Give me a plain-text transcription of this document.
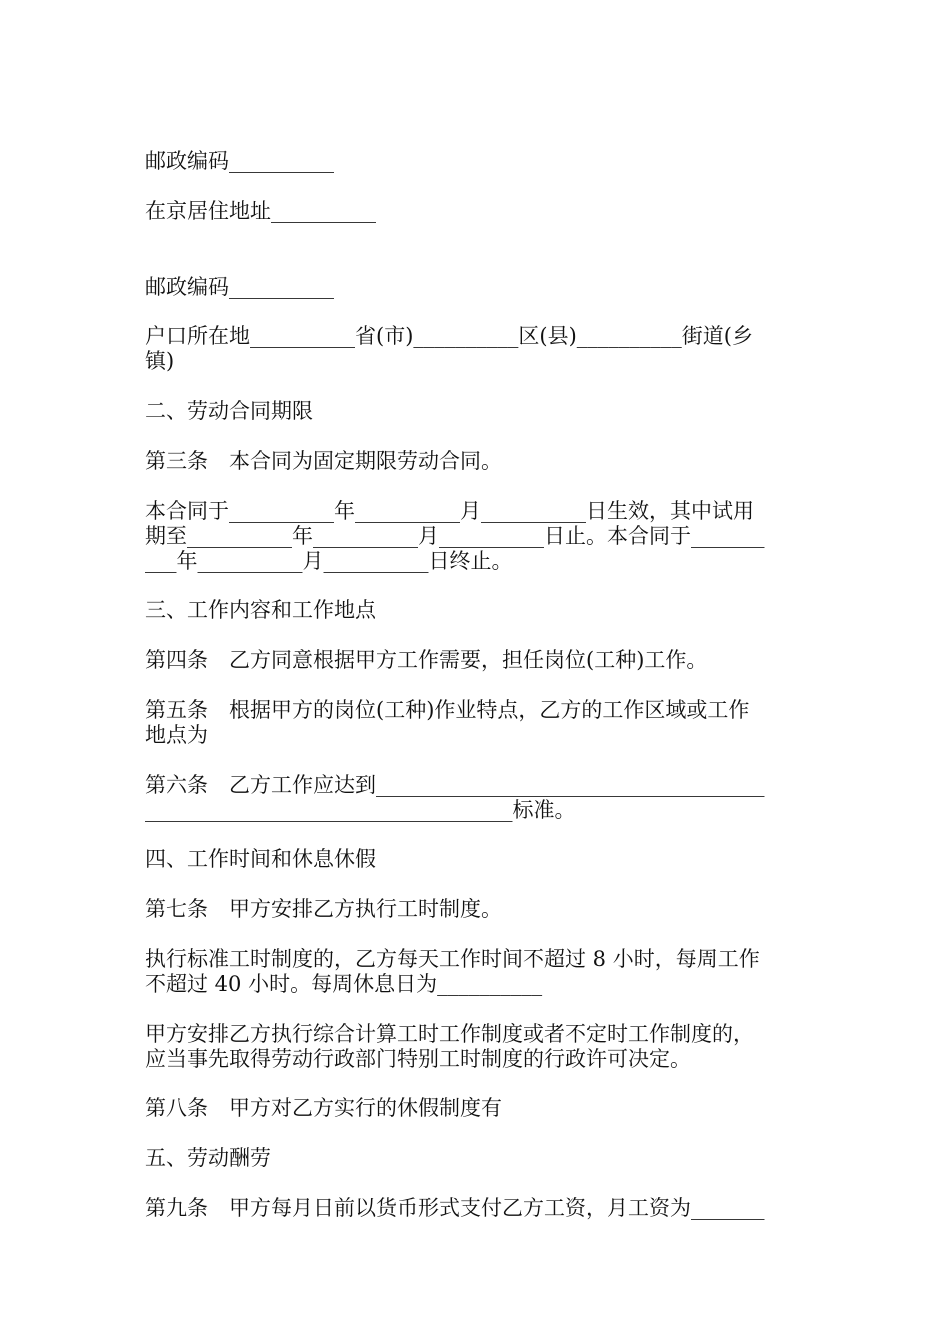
邮政编码__________
在京居住地址__________
邮政编码__________
户口所在地__________省(市)__________区(县)__________街道(乡
镇)
二、劳动合同期限
第三条　本合同为固定期限劳动合同。
本合同于__________年__________月__________日生效，其中试用
期至__________年__________月__________日止。本合同于_______
___年__________月__________日终止。
三、工作内容和工作地点
第四条　乙方同意根据甲方工作需要，担任岗位(工种)工作。
第五条　根据甲方的岗位(工种)作业特点，乙方的工作区域或工作
地点为
第六条　乙方工作应达到_____________________________________
___________________________________标准。
四、工作时间和休息休假
第七条　甲方安排乙方执行工时制度。
执行标准工时制度的，乙方每天工作时间不超过 8 小时，每周工作
不超过 40 小时。每周休息日为__________
甲方安排乙方执行综合计算工时工作制度或者不定时工作制度的，
应当事先取得劳动行政部门特别工时制度的行政许可决定。
第八条　甲方对乙方实行的休假制度有
五、劳动酬劳
第九条　甲方每月日前以货币形式支付乙方工资，月工资为_______
